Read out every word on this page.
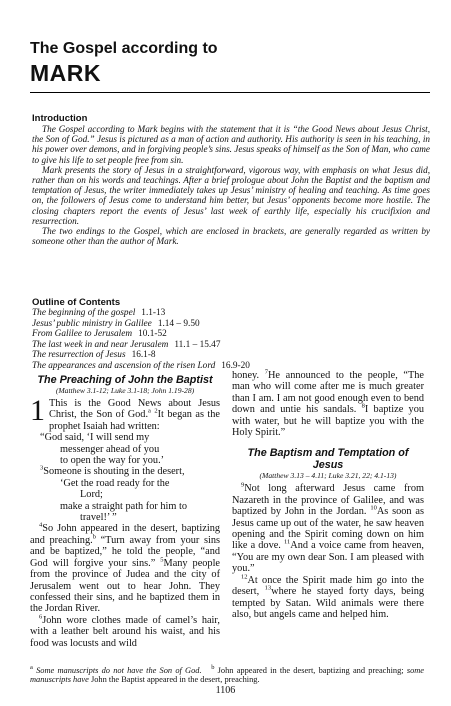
The Gospel according to
MARK
Introduction

The Gospel according to Mark begins with the statement that it is “the Good News about Jesus Christ, the Son of God.” Jesus is pictured as a man of action and authority. His authority is seen in his teaching, in his power over demons, and in forgiving people’s sins. Jesus speaks of himself as the Son of Man, who came to give his life to set people free from sin.

Mark presents the story of Jesus in a straightforward, vigorous way, with emphasis on what Jesus did, rather than on his words and teachings. After a brief prologue about John the Baptist and the baptism and temptation of Jesus, the writer immediately takes up Jesus’ ministry of healing and teaching. As time goes on, the followers of Jesus come to understand him better, but Jesus’ opponents become more hostile. The closing chapters report the events of Jesus’ last week of earthly life, especially his crucifixion and resurrection.

The two endings to the Gospel, which are enclosed in brackets, are generally regarded as written by someone other than the author of Mark.

Outline of Contents
The beginning of the gospel 1.1-13
Jesus’ public ministry in Galilee 1.14 – 9.50
From Galilee to Jerusalem 10.1-52
The last week in and near Jerusalem 11.1 – 15.47
The resurrection of Jesus 16.1-8
The appearances and ascension of the risen Lord 16.9-20
The Preaching of John the Baptist

(Matthew 3.1-12; Luke 3.1-18; John 1.19-28)

1 This is the Good News about Jesus Christ, the Son of God.$^a$ $^2$It began as the prophet Isaiah had written:

“God said, ‘I will send my
messenger ahead of you
to open the way for you.’
$^3$Someone is shouting in the desert,
‘Get the road ready for the
Lord;
make a straight path for him to
travel!’ ”

$^4$So John appeared in the desert, baptizing and preaching.$^b$ “Turn away from your sins and be baptized,” he told the people, “and God will forgive your sins.” $^5$Many people from the province of Judea and the city of Jerusalem went out to hear John. They confessed their sins, and he baptized them in the Jordan River.

$^6$John wore clothes made of camel’s hair, with a leather belt around his waist, and his food was locusts and wild

honey. $^7$He announced to the people, “The man who will come after me is much greater than I am. I am not good enough even to bend down and untie his sandals. $^8$I baptize you with water, but he will baptize you with the Holy Spirit.”

The Baptism and Temptation of Jesus

(Matthew 3.13 – 4.11; Luke 3.21, 22; 4.1-13)

$^9$Not long afterward Jesus came from Nazareth in the province of Galilee, and was baptized by John in the Jordan. $^{10}$As soon as Jesus came up out of the water, he saw heaven opening and the Spirit coming down on him like a dove. $^{11}$And a voice came from heaven, “You are my own dear Son. I am pleased with you.”

$^{12}$At once the Spirit made him go into the desert, $^{13}$where he stayed forty days, being tempted by Satan. Wild animals were there also, but angels came and helped him.

$^a$ Some manuscripts do not have the Son of God. $^b$ John appeared in the desert, baptizing and preaching; some manuscripts have John the Baptist appeared in the desert, preaching.

1106
